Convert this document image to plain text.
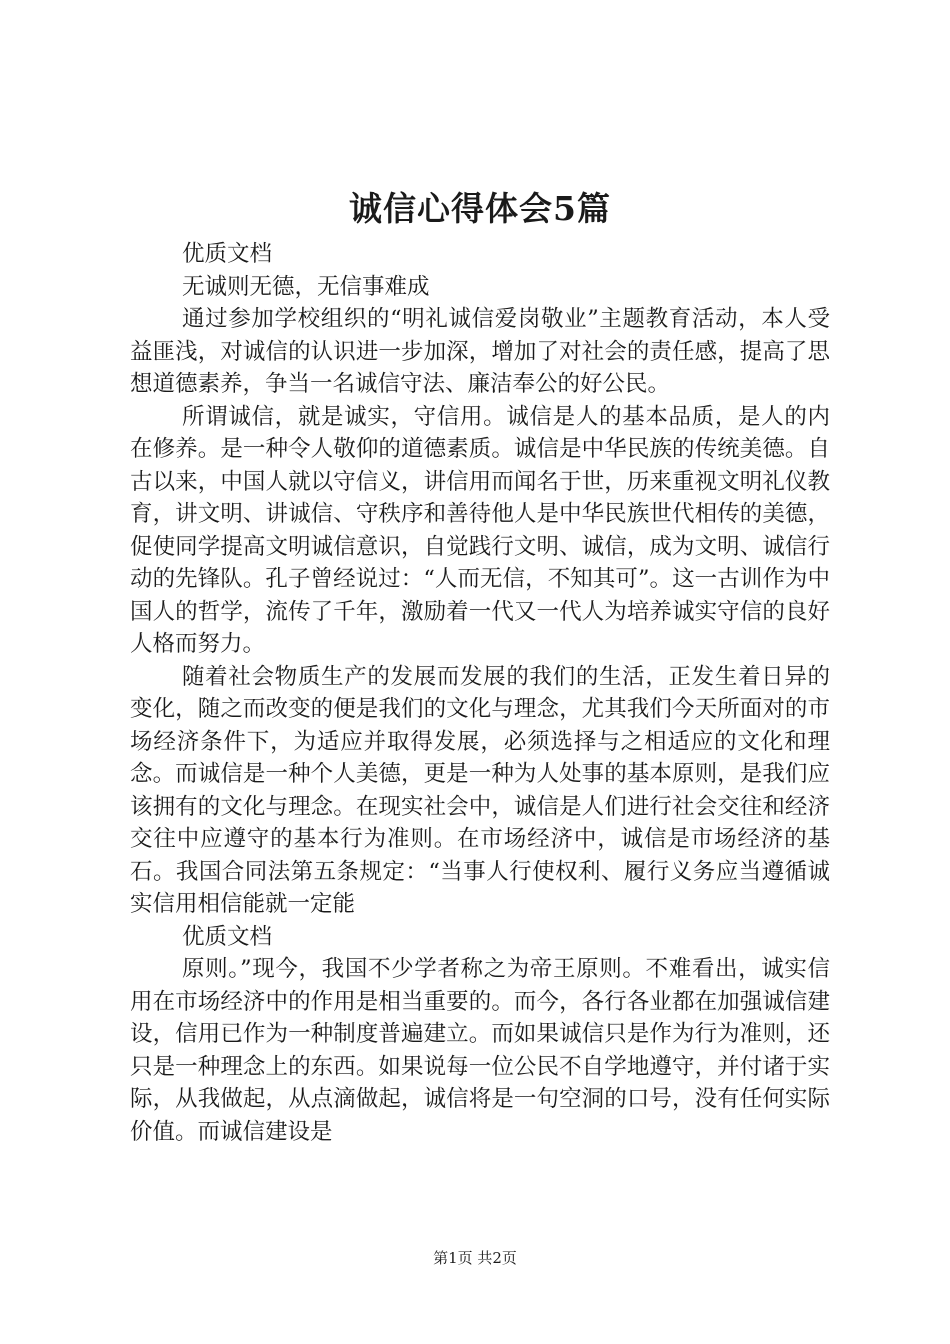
诚信心得体会5篇

优质文档

无诚则无德，无信事难成

通过参加学校组织的“明礼诚信爱岗敬业”主题教育活动，本人受益匪浅，对诚信的认识进一步加深，增加了对社会的责任感，提高了思想道德素养，争当一名诚信守法、廉洁奉公的好公民。

所谓诚信，就是诚实，守信用。诚信是人的基本品质，是人的内在修养。是一种令人敬仰的道德素质。诚信是中华民族的传统美德。自古以来，中国人就以守信义，讲信用而闻名于世，历来重视文明礼仪教育，讲文明、讲诚信、守秩序和善待他人是中华民族世代相传的美德，促使同学提高文明诚信意识，自觉践行文明、诚信，成为文明、诚信行动的先锋队。孔子曾经说过：“人而无信，不知其可”。这一古训作为中国人的哲学，流传了千年，激励着一代又一代人为培养诚实守信的良好人格而努力。

随着社会物质生产的发展而发展的我们的生活，正发生着日异的变化，随之而改变的便是我们的文化与理念，尤其我们今天所面对的市场经济条件下，为适应并取得发展，必须选择与之相适应的文化和理念。而诚信是一种个人美德，更是一种为人处事的基本原则，是我们应该拥有的文化与理念。在现实社会中，诚信是人们进行社会交往和经济交往中应遵守的基本行为准则。在市场经济中，诚信是市场经济的基石。我国合同法第五条规定：“当事人行使权利、履行义务应当遵循诚实信用相信能就一定能

优质文档

原则。”现今，我国不少学者称之为帝王原则。不难看出，诚实信用在市场经济中的作用是相当重要的。而今，各行各业都在加强诚信建设，信用已作为一种制度普遍建立。而如果诚信只是作为行为准则，还只是一种理念上的东西。如果说每一位公民不自学地遵守，并付诸于实际，从我做起，从点滴做起，诚信将是一句空洞的口号，没有任何实际价值。而诚信建设是

第1页 共2页
